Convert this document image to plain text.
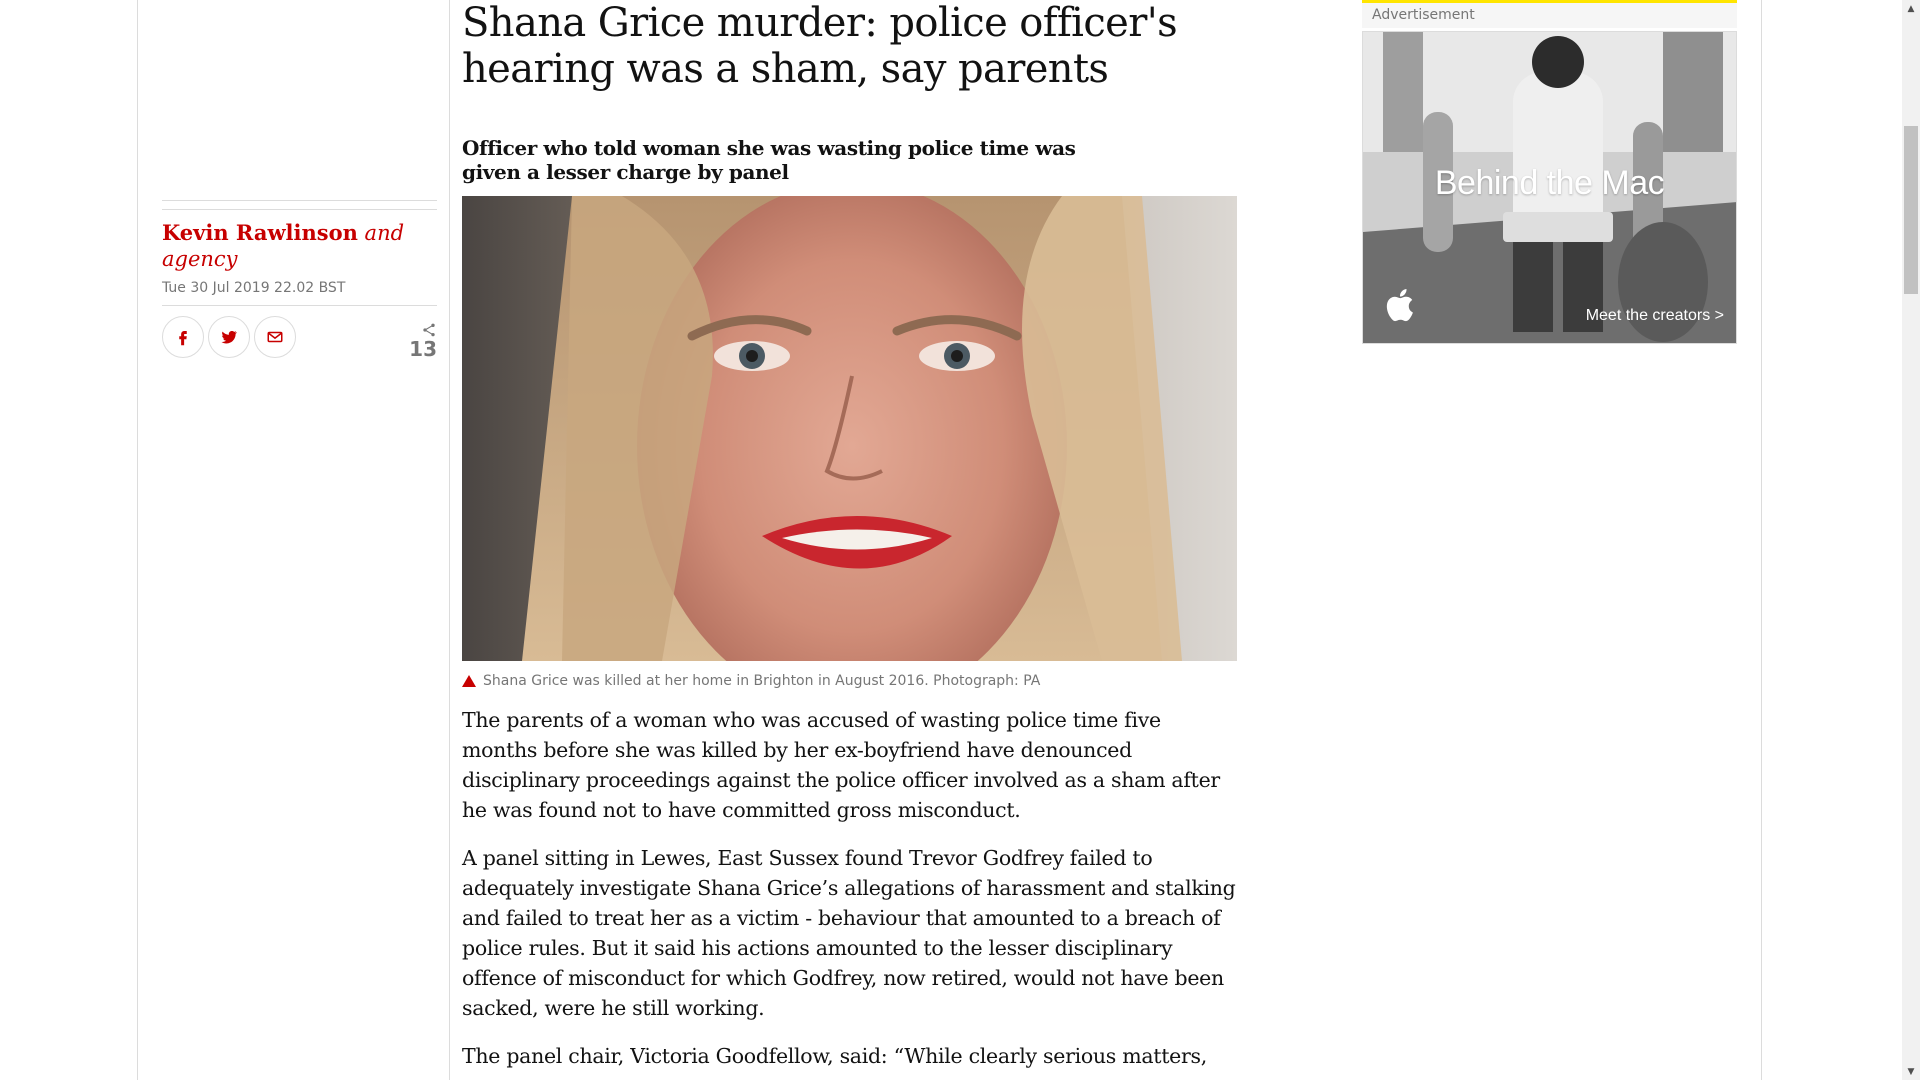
Kevin Rawlinson and agency
Tue 30 Jul 2019 22.02 BST
13
Shana Grice murder: police officer's hearing was a sham, say parents
Officer who told woman she was wasting police time was given a lesser charge by panel
Shana Grice was killed at her home in Brighton in August 2016. Photograph: PA

The parents of a woman who was accused of wasting police time five months before she was killed by her ex-boyfriend have denounced disciplinary proceedings against the police officer involved as a sham after he was found not to have committed gross misconduct.

A panel sitting in Lewes, East Sussex found Trevor Godfrey failed to adequately investigate Shana Grice’s allegations of harassment and stalking and failed to treat her as a victim - behaviour that amounted to a breach of police rules. But it said his actions amounted to the lesser disciplinary offence of misconduct for which Godfrey, now retired, would not have been sacked, were he still working.

The panel chair, Victoria Goodfellow, said: “While clearly serious matters,

Advertisement
Behind the Mac
Meet the creators >
▲
▼
